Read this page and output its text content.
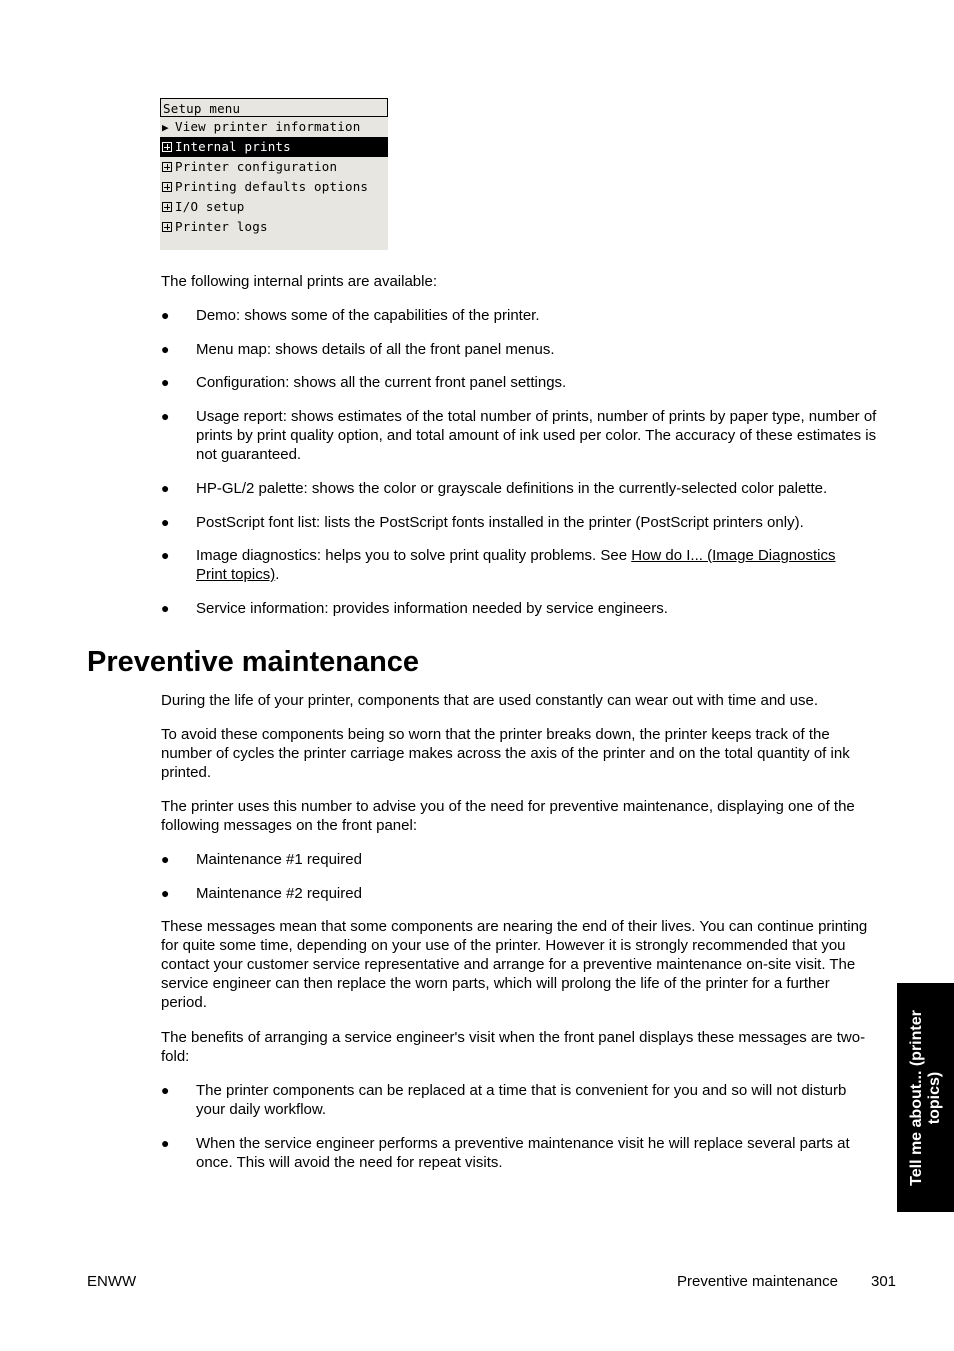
Setup menu
▶ View printer information
Internal prints
Printer configuration
Printing defaults options
I/O setup
Printer logs

The following internal prints are available:

● Demo: shows some of the capabilities of the printer.
● Menu map: shows details of all the front panel menus.
● Configuration: shows all the current front panel settings.
● Usage report: shows estimates of the total number of prints, number of prints by paper type, number of prints by print quality option, and total amount of ink used per color. The accuracy of these estimates is not guaranteed.
● HP-GL/2 palette: shows the color or grayscale definitions in the currently-selected color palette.
● PostScript font list: lists the PostScript fonts installed in the printer (PostScript printers only).
● Image diagnostics: helps you to solve print quality problems. See How do I... (Image Diagnostics Print topics).
● Service information: provides information needed by service engineers.
Preventive maintenance

During the life of your printer, components that are used constantly can wear out with time and use.

To avoid these components being so worn that the printer breaks down, the printer keeps track of the number of cycles the printer carriage makes across the axis of the printer and on the total quantity of ink printed.

The printer uses this number to advise you of the need for preventive maintenance, displaying one of the following messages on the front panel:

● Maintenance #1 required
● Maintenance #2 required

These messages mean that some components are nearing the end of their lives. You can continue printing for quite some time, depending on your use of the printer. However it is strongly recommended that you contact your customer service representative and arrange for a preventive maintenance on-site visit. The service engineer can then replace the worn parts, which will prolong the life of the printer for a further period.

The benefits of arranging a service engineer's visit when the front panel displays these messages are two-fold:

● The printer components can be replaced at a time that is convenient for you and so will not disturb your daily workflow.
● When the service engineer performs a preventive maintenance visit he will replace several parts at once. This will avoid the need for repeat visits.	Tell me about... (printer topics)
ENWW	Preventive maintenance 301
